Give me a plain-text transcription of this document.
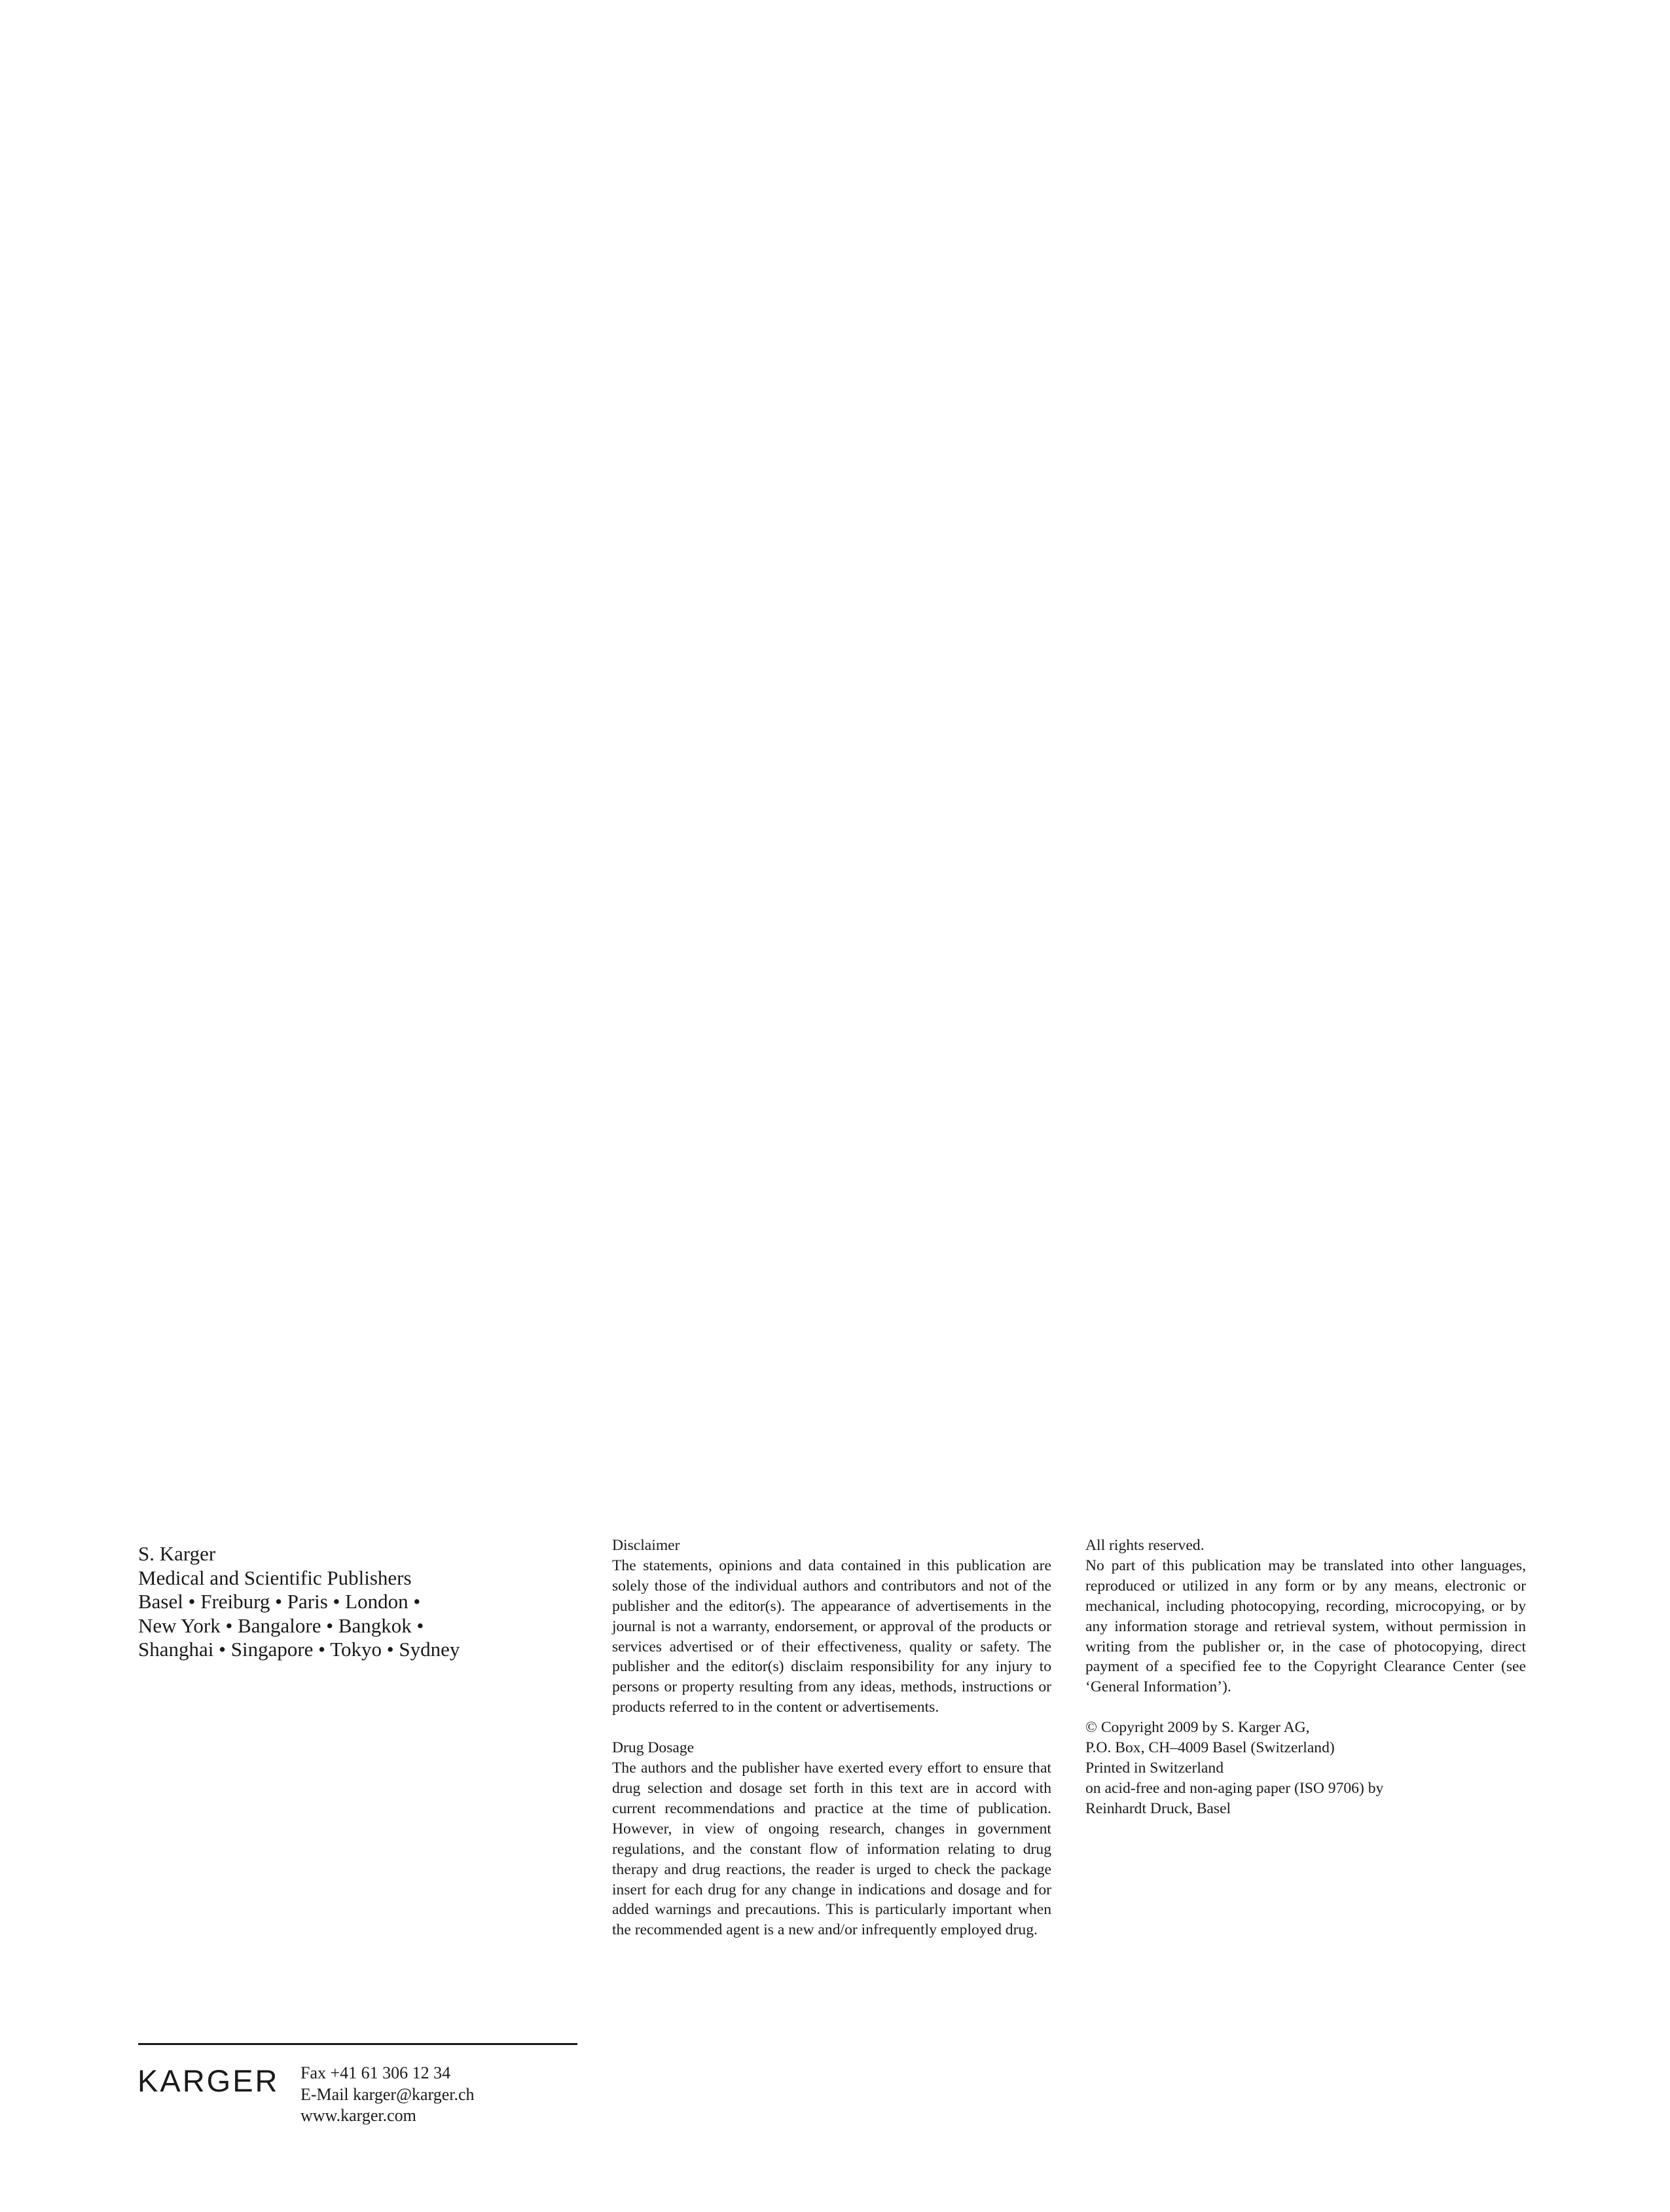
S. Karger
Medical and Scientific Publishers
Basel • Freiburg • Paris • London •
New York • Bangalore • Bangkok •
Shanghai • Singapore • Tokyo • Sydney
Disclaimer
The statements, opinions and data contained in this publication are solely those of the individual authors and contributors and not of the publisher and the editor(s). The appearance of advertisements in the journal is not a warranty, endorsement, or approval of the products or services advertised or of their effectiveness, quality or safety. The publisher and the editor(s) disclaim responsibility for any injury to persons or property resulting from any ideas, methods, instructions or products referred to in the content or advertisements.
Drug Dosage
The authors and the publisher have exerted every effort to ensure that drug selection and dosage set forth in this text are in accord with current recommendations and practice at the time of publication. However, in view of ongoing research, changes in government regulations, and the constant flow of information relating to drug therapy and drug reactions, the reader is urged to check the package insert for each drug for any change in indications and dosage and for added warnings and precautions. This is particularly important when the recommended agent is a new and/or infrequently employed drug.
All rights reserved.
No part of this publication may be translated into other languages, reproduced or utilized in any form or by any means, electronic or mechanical, including photocopying, recording, microcopying, or by any information storage and retrieval system, without permission in writing from the publisher or, in the case of photocopying, direct payment of a specified fee to the Copyright Clearance Center (see ‘General Information’).
© Copyright 2009 by S. Karger AG,
P.O. Box, CH–4009 Basel (Switzerland)
Printed in Switzerland
on acid-free and non-aging paper (ISO 9706) by
Reinhardt Druck, Basel
KARGER Fax +41 61 306 12 34
E-Mail karger@karger.ch
www.karger.com
